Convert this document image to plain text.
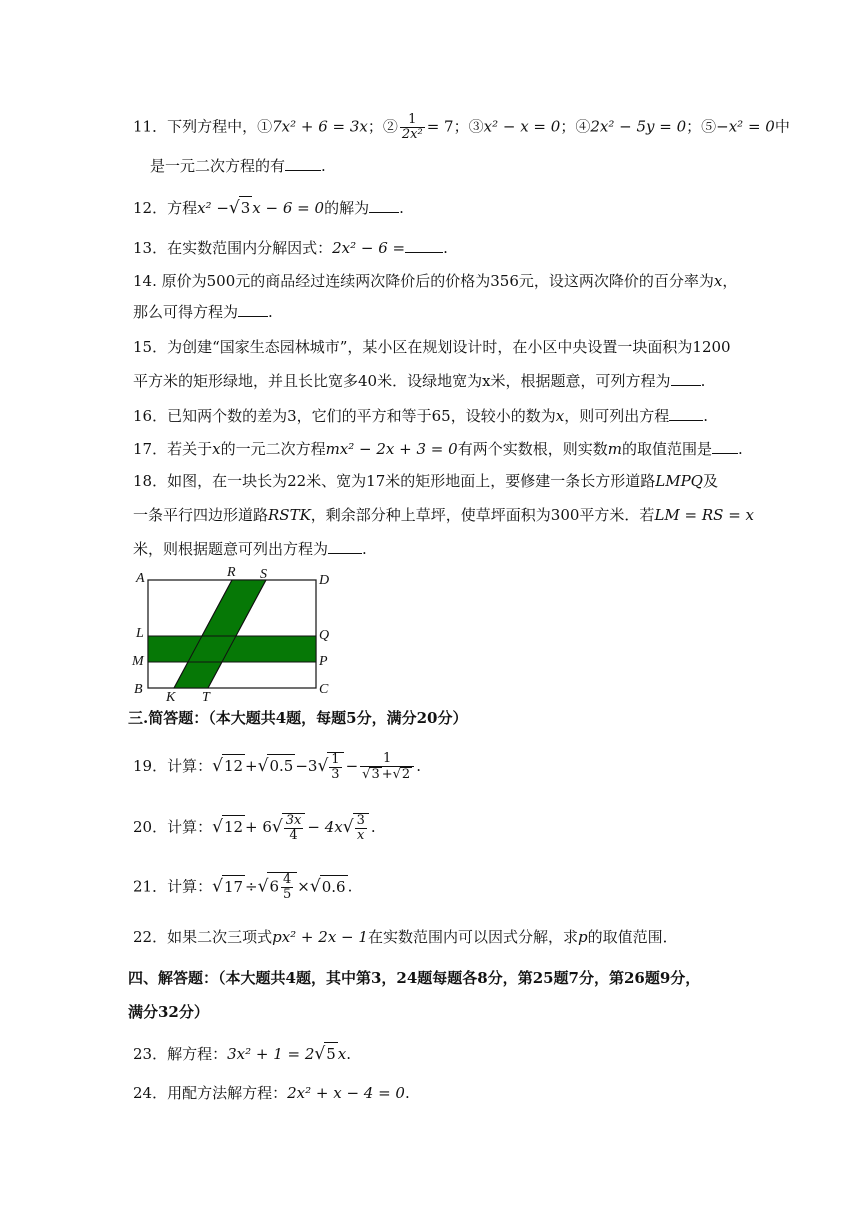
11．下列方程中，①7x² + 6 = 3x；② $\frac{1}{\text{2x²}} = 7$；③x² − x = 0；④2x² − 5y = 0；⑤−x² = 0中
是一元二次方程的有 .
12．方程x² −√3 x − 6 = 0的解为 .
13．在实数范围内分解因式：2x² − 6 =	.
14. 原价为500元的商品经过连续两次降价后的价格为356元，设这两次降价的百分率为x，
那么可得方程为 .
15．为创建“国家生态园林城市”，某小区在规划设计时，在小区中央设置一块面积为1200
平方米的矩形绿地，并且长比宽多40米．设绿地宽为x米，根据题意，可列方程为 .
16．已知两个数的差为3，它们的平方和等于65，设较小的数为x，则可列出方程 .
17．若关于x的一元二次方程mx² − 2x + 3 = 0有两个实数根，则实数m的取值范围是 .
18．如图，在一块长为22米、宽为17米的矩形地面上，要修建一条长方形道路LMPQ及
一条平行四边形道路RSTK，剩余部分种上草坪，使草坪面积为300平方米．若LM = RS = x
米，则根据题意可列出方程为 .
A	R S	D
L	Q
M	P
B
K T
C
三.简答题：（本大题共4题，每题5分，满分20分）
19．计算：$√12 +√0.5 -3√ \frac{1}{3} - \frac{1}{√3 +√2}$ .
20．计算：$√12 + 6√ \frac{3x}{4} - 4x√ \frac{3}{x}$ .
21．计算：$√17 \div√6 \frac{4}{5} \times√0.6$ .
22．如果二次三项式px² + 2x − 1在实数范围内可以因式分解，求p的取值范围．
四、解答题：（本大题共4题，其中第3，24题每题各8分，第25题7分，第26题9分，
满分32分）
23．解方程：3x² + 1 = 2√5 x.
24．用配方法解方程：2x² + x − 4 = 0.
